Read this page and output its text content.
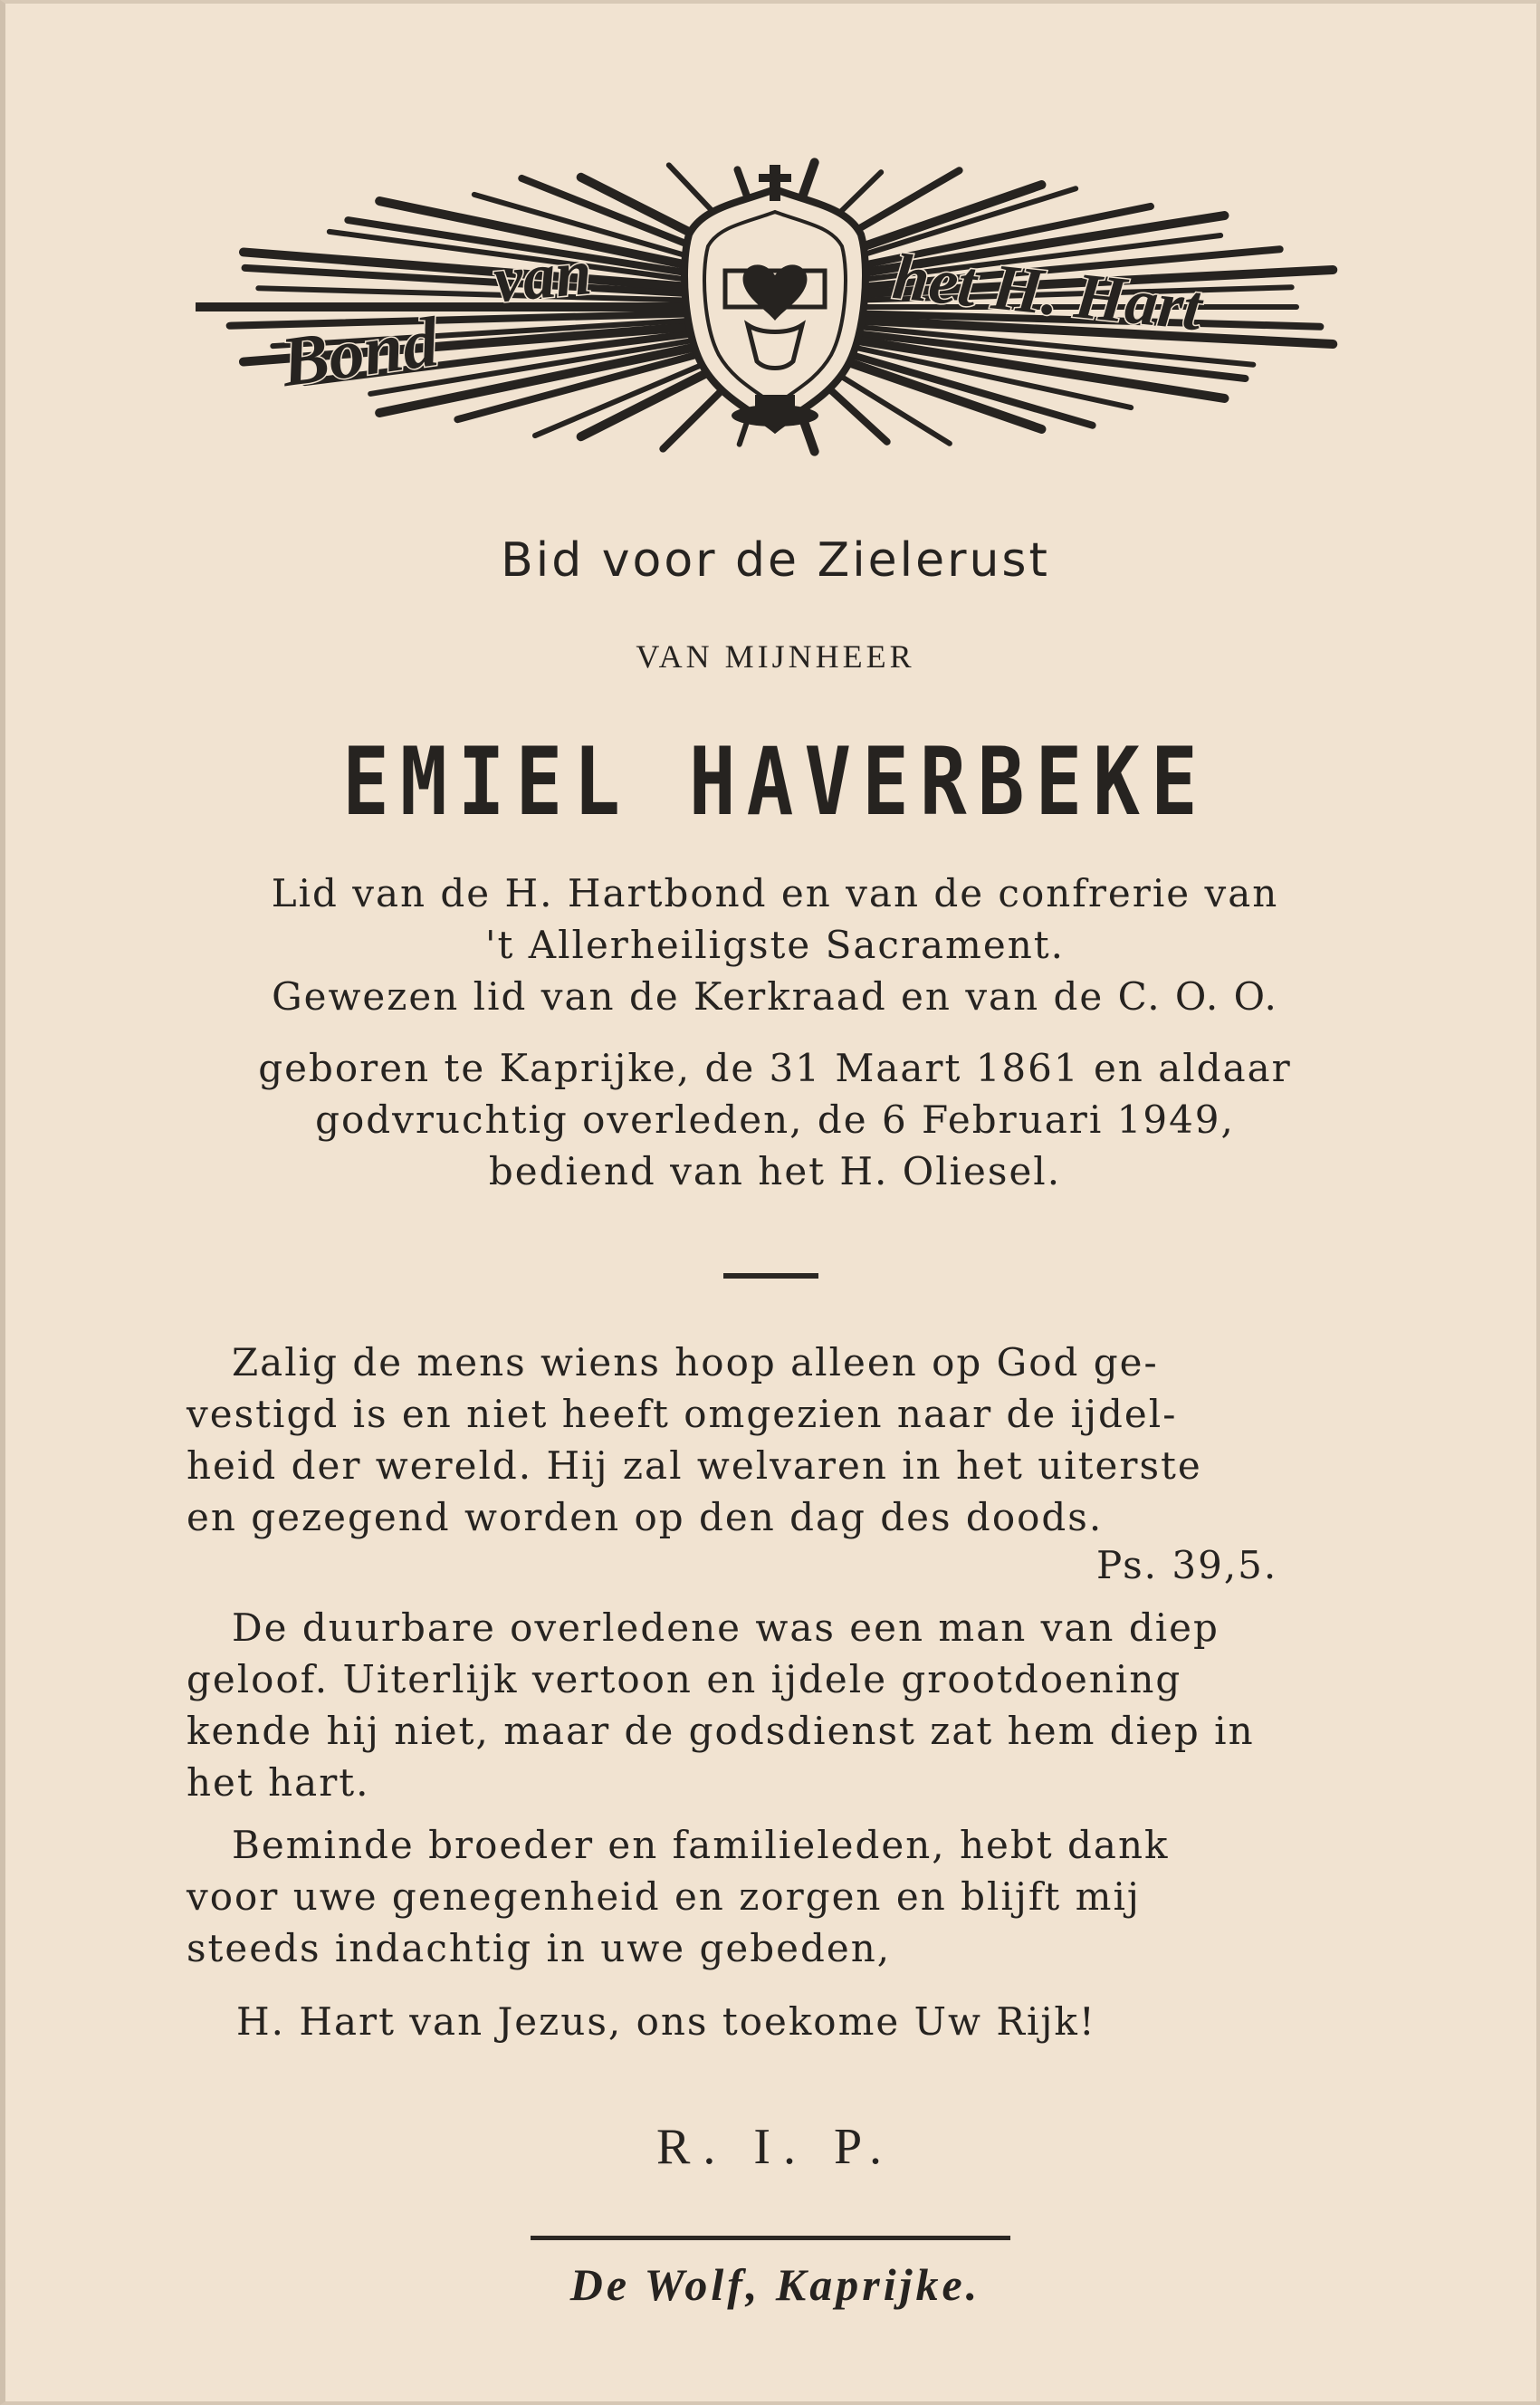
Bond
van	het H. Hart
Bid voor de Zielerust
VAN MIJNHEER
EMIEL HAVERBEKE
Lid van de H. Hartbond en van de confrerie van
't Allerheiligste Sacrament.
Gewezen lid van de Kerkraad en van de C. O. O.
geboren te Kaprijke, de 31 Maart 1861 en aldaar
godvruchtig overleden, de 6 Februari 1949,
bediend van het H. Oliesel.
Zalig de mens wiens hoop alleen op God ge-
vestigd is en niet heeft omgezien naar de ijdel-
heid der wereld. Hij zal welvaren in het uiterste
en gezegend worden op den dag des doods.
Ps. 39,5.
De duurbare overledene was een man van diep
geloof. Uiterlijk vertoon en ijdele grootdoening
kende hij niet, maar de godsdienst zat hem diep in
het hart.
Beminde broeder en familieleden, hebt dank
voor uwe genegenheid en zorgen en blijft mij
steeds indachtig in uwe gebeden,
H. Hart van Jezus, ons toekome Uw Rijk!
R. I. P.
De Wolf, Kaprijke.
